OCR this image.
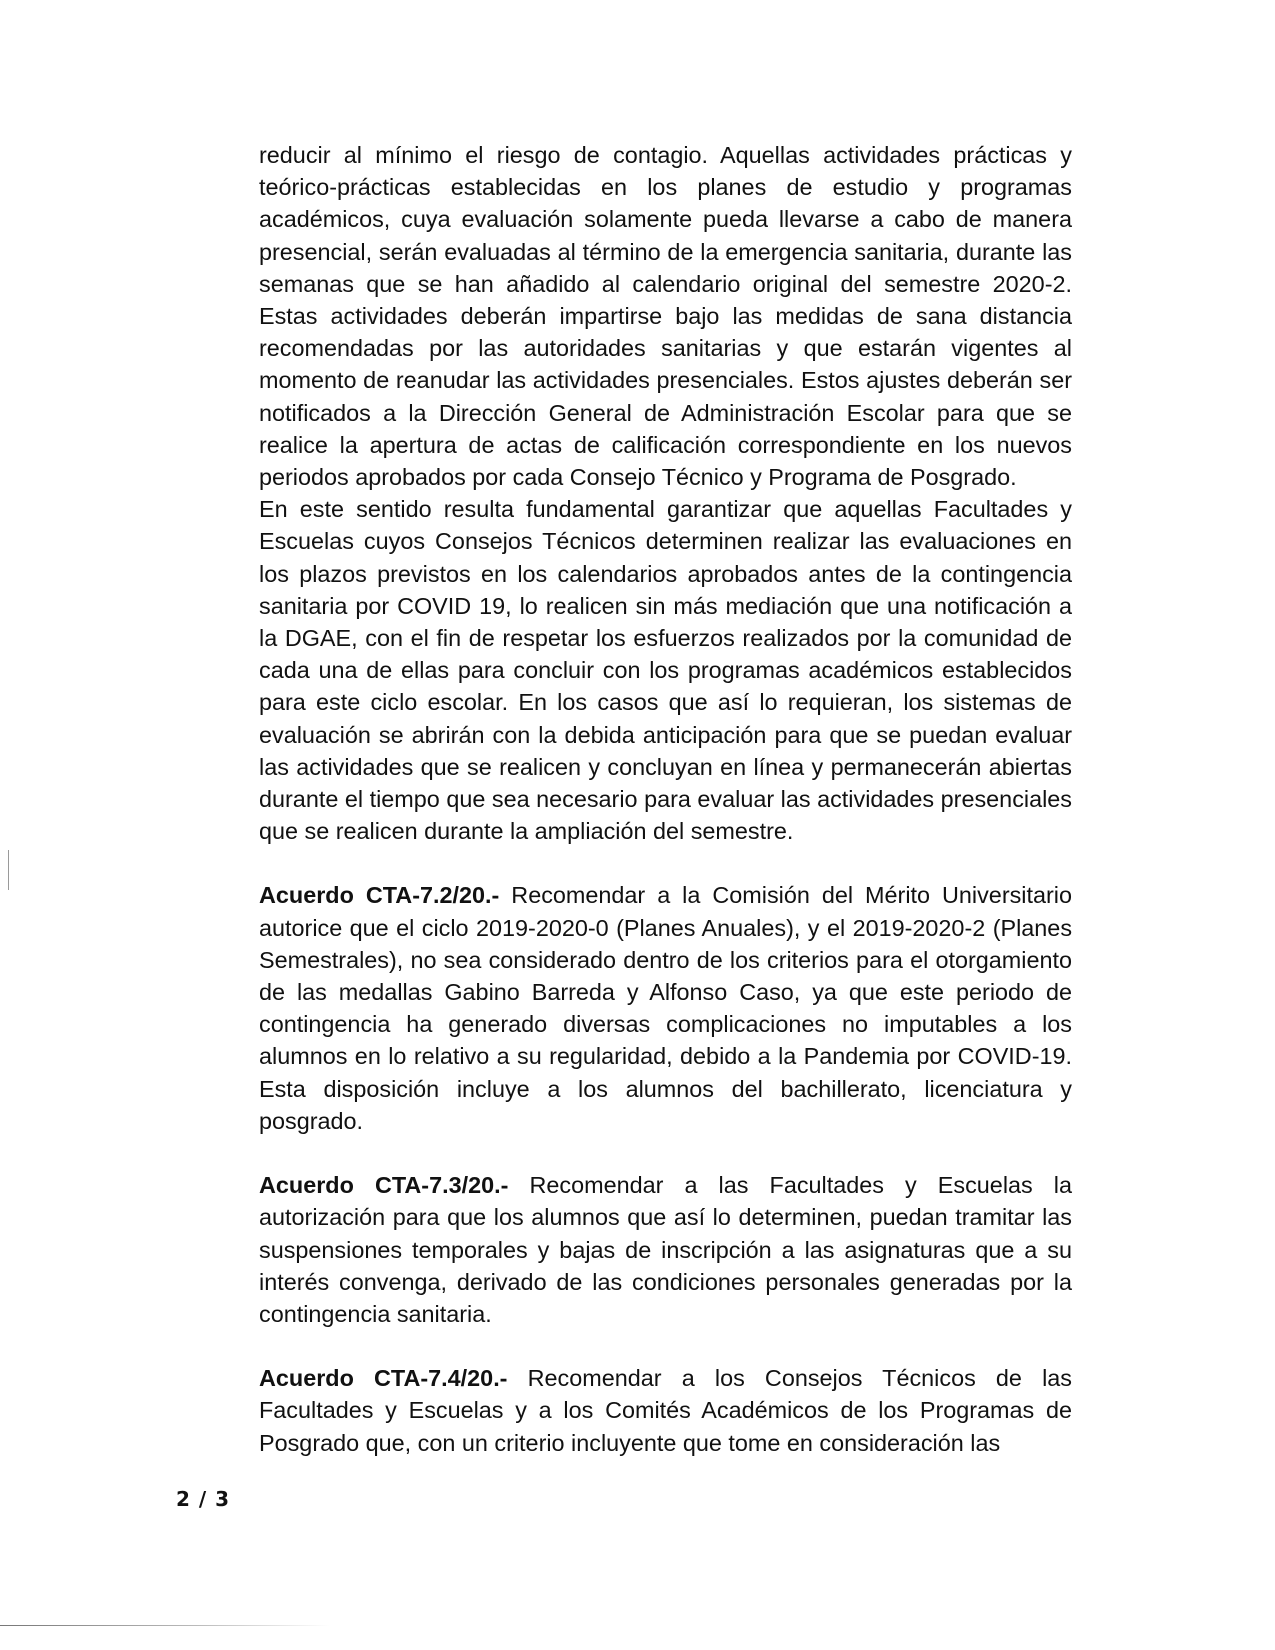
reducir al mínimo el riesgo de contagio. Aquellas actividades prácticas y teórico-prácticas establecidas en los planes de estudio y programas académicos, cuya evaluación solamente pueda llevarse a cabo de manera presencial, serán evaluadas al término de la emergencia sanitaria, durante las semanas que se han añadido al calendario original del semestre 2020-2. Estas actividades deberán impartirse bajo las medidas de sana distancia recomendadas por las autoridades sanitarias y que estarán vigentes al momento de reanudar las actividades presenciales. Estos ajustes deberán ser notificados a la Dirección General de Administración Escolar para que se realice la apertura de actas de calificación correspondiente en los nuevos periodos aprobados por cada Consejo Técnico y Programa de Posgrado.

En este sentido resulta fundamental garantizar que aquellas Facultades y Escuelas cuyos Consejos Técnicos determinen realizar las evaluaciones en los plazos previstos en los calendarios aprobados antes de la contingencia sanitaria por COVID 19, lo realicen sin más mediación que una notificación a la DGAE, con el fin de respetar los esfuerzos realizados por la comunidad de cada una de ellas para concluir con los programas académicos establecidos para este ciclo escolar. En los casos que así lo requieran, los sistemas de evaluación se abrirán con la debida anticipación para que se puedan evaluar las actividades que se realicen y concluyan en línea y permanecerán abiertas durante el tiempo que sea necesario para evaluar las actividades presenciales que se realicen durante la ampliación del semestre.

Acuerdo CTA-7.2/20.- Recomendar a la Comisión del Mérito Universitario autorice que el ciclo 2019-2020-0 (Planes Anuales), y el 2019-2020-2 (Planes Semestrales), no sea considerado dentro de los criterios para el otorgamiento de las medallas Gabino Barreda y Alfonso Caso, ya que este periodo de contingencia ha generado diversas complicaciones no imputables a los alumnos en lo relativo a su regularidad, debido a la Pandemia por COVID-19. Esta disposición incluye a los alumnos del bachillerato, licenciatura y posgrado.

Acuerdo CTA-7.3/20.- Recomendar a las Facultades y Escuelas la autorización para que los alumnos que así lo determinen, puedan tramitar las suspensiones temporales y bajas de inscripción a las asignaturas que a su interés convenga, derivado de las condiciones personales generadas por la contingencia sanitaria.

Acuerdo CTA-7.4/20.- Recomendar a los Consejos Técnicos de las Facultades y Escuelas y a los Comités Académicos de los Programas de Posgrado que, con un criterio incluyente que tome en consideración las

2 / 3
